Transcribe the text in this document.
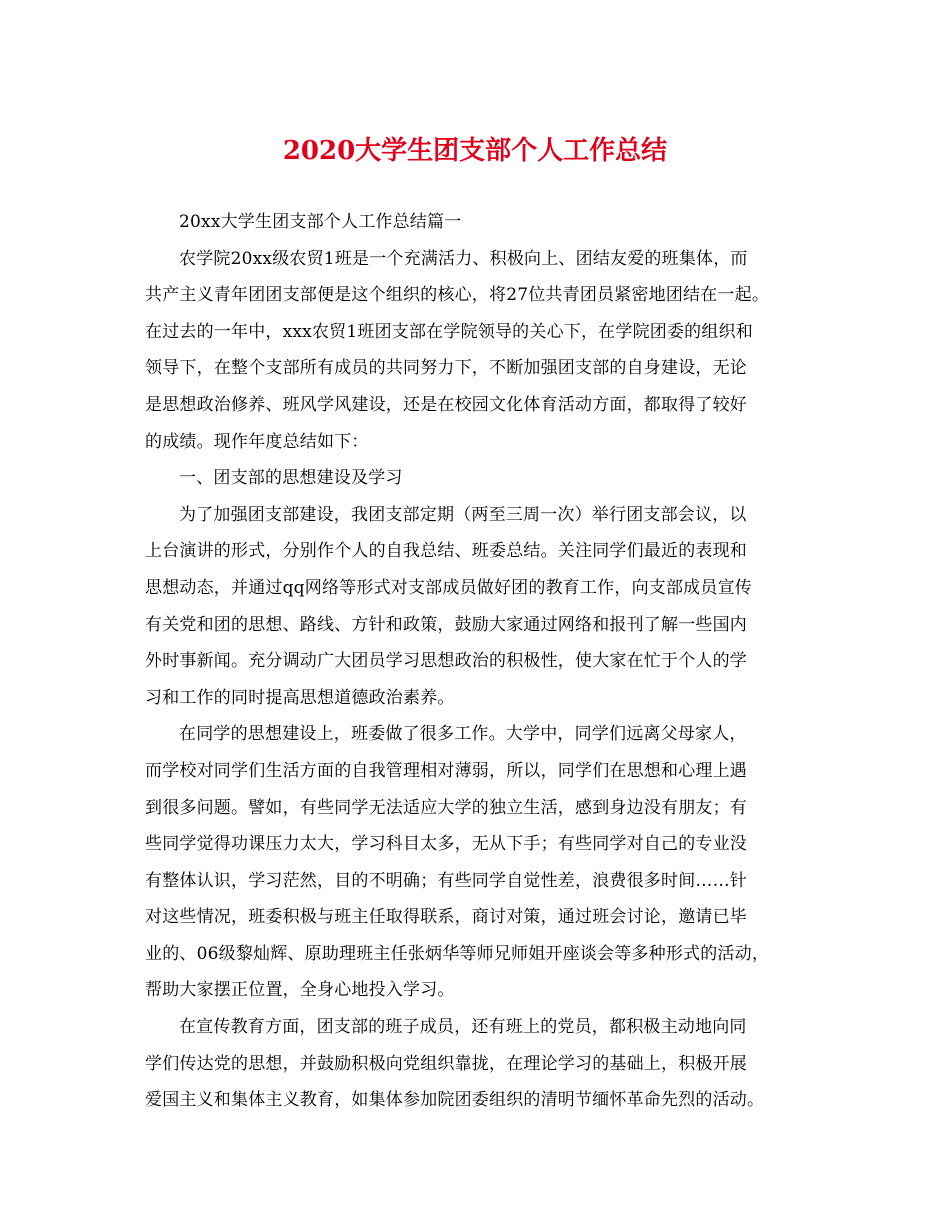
2020大学生团支部个人工作总结
20xx大学生团支部个人工作总结篇一
农学院20xx级农贸1班是一个充满活力、积极向上、团结友爱的班集体，而
共产主义青年团团支部便是这个组织的核心，将27位共青团员紧密地团结在一起。
在过去的一年中，xxx农贸1班团支部在学院领导的关心下，在学院团委的组织和
领导下，在整个支部所有成员的共同努力下，不断加强团支部的自身建设，无论
是思想政治修养、班风学风建设，还是在校园文化体育活动方面，都取得了较好
的成绩。现作年度总结如下：
一、团支部的思想建设及学习
为了加强团支部建设，我团支部定期（两至三周一次）举行团支部会议，以
上台演讲的形式，分别作个人的自我总结、班委总结。关注同学们最近的表现和
思想动态，并通过qq网络等形式对支部成员做好团的教育工作，向支部成员宣传
有关党和团的思想、路线、方针和政策，鼓励大家通过网络和报刊了解一些国内
外时事新闻。充分调动广大团员学习思想政治的积极性，使大家在忙于个人的学
习和工作的同时提高思想道德政治素养。
在同学的思想建设上，班委做了很多工作。大学中，同学们远离父母家人，
而学校对同学们生活方面的自我管理相对薄弱，所以，同学们在思想和心理上遇
到很多问题。譬如，有些同学无法适应大学的独立生活，感到身边没有朋友；有
些同学觉得功课压力太大，学习科目太多，无从下手；有些同学对自己的专业没
有整体认识，学习茫然，目的不明确；有些同学自觉性差，浪费很多时间……针
对这些情况，班委积极与班主任取得联系，商讨对策，通过班会讨论，邀请已毕
业的、06级黎灿辉、原助理班主任张炳华等师兄师姐开座谈会等多种形式的活动，
帮助大家摆正位置，全身心地投入学习。
在宣传教育方面，团支部的班子成员，还有班上的党员，都积极主动地向同
学们传达党的思想，并鼓励积极向党组织靠拢，在理论学习的基础上，积极开展
爱国主义和集体主义教育，如集体参加院团委组织的清明节缅怀革命先烈的活动。
